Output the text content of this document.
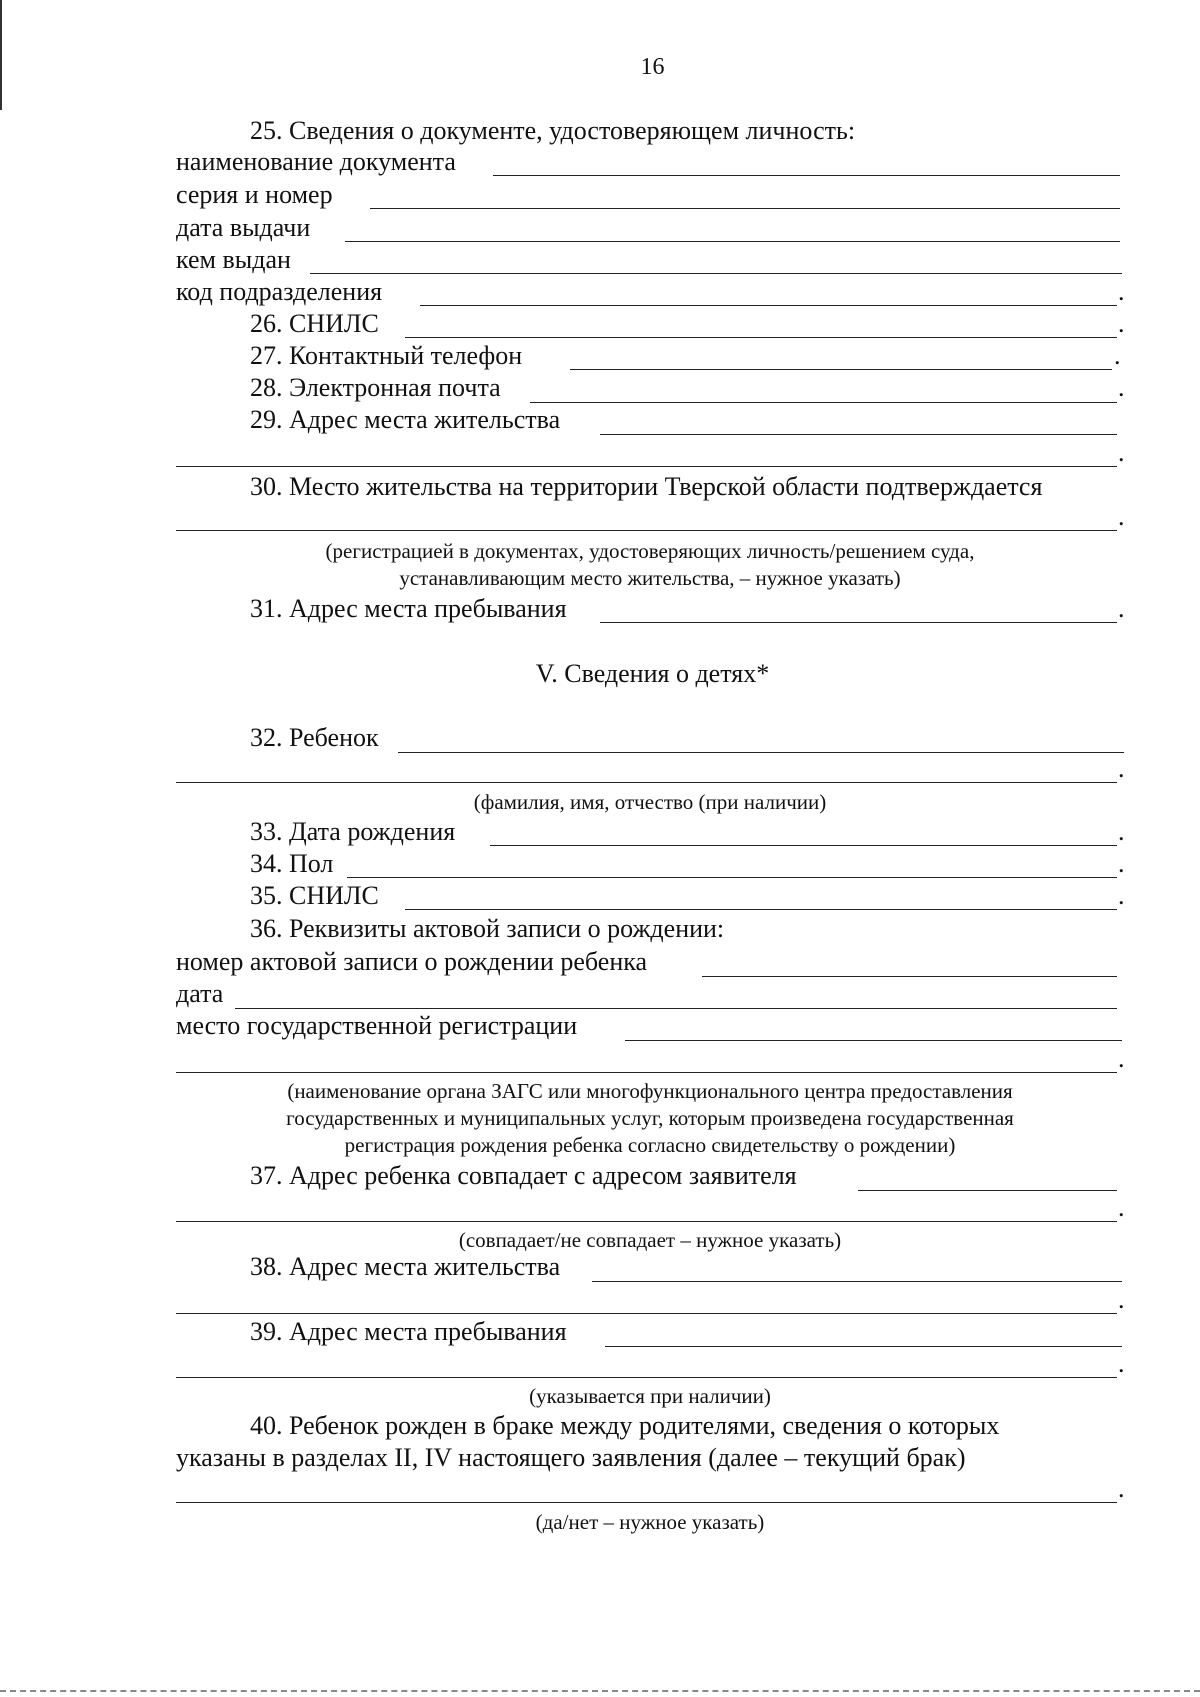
16
25. Сведения о документе, удостоверяющем личность:
наименование документа
серия и номер
дата выдачи
кем выдан
код подразделения	.
26. СНИЛС	.
27. Контактный телефон	.
28. Электронная почта	.
29. Адрес места жительства
.
30. Место жительства на территории Тверской области подтверждается
.
(регистрацией в документах, удостоверяющих личность/решением суда,
устанавливающим место жительства, – нужное указать)
31. Адрес места пребывания	.
V. Сведения о детях*
32. Ребенок
.
(фамилия, имя, отчество (при наличии)
33. Дата рождения	.
34. Пол	.
35. СНИЛС	.
36. Реквизиты актовой записи о рождении:
номер актовой записи о рождении ребенка
дата
место государственной регистрации
.
(наименование органа ЗАГС или многофункционального центра предоставления
государственных и муниципальных услуг, которым произведена государственная
регистрация рождения ребенка согласно свидетельству о рождении)
37. Адрес ребенка совпадает с адресом заявителя
.
(совпадает/не совпадает – нужное указать)
38. Адрес места жительства
.
39. Адрес места пребывания
.
(указывается при наличии)
40. Ребенок рожден в браке между родителями, сведения о которых
указаны в разделах II, IV настоящего заявления (далее – текущий брак)
.
(да/нет – нужное указать)
